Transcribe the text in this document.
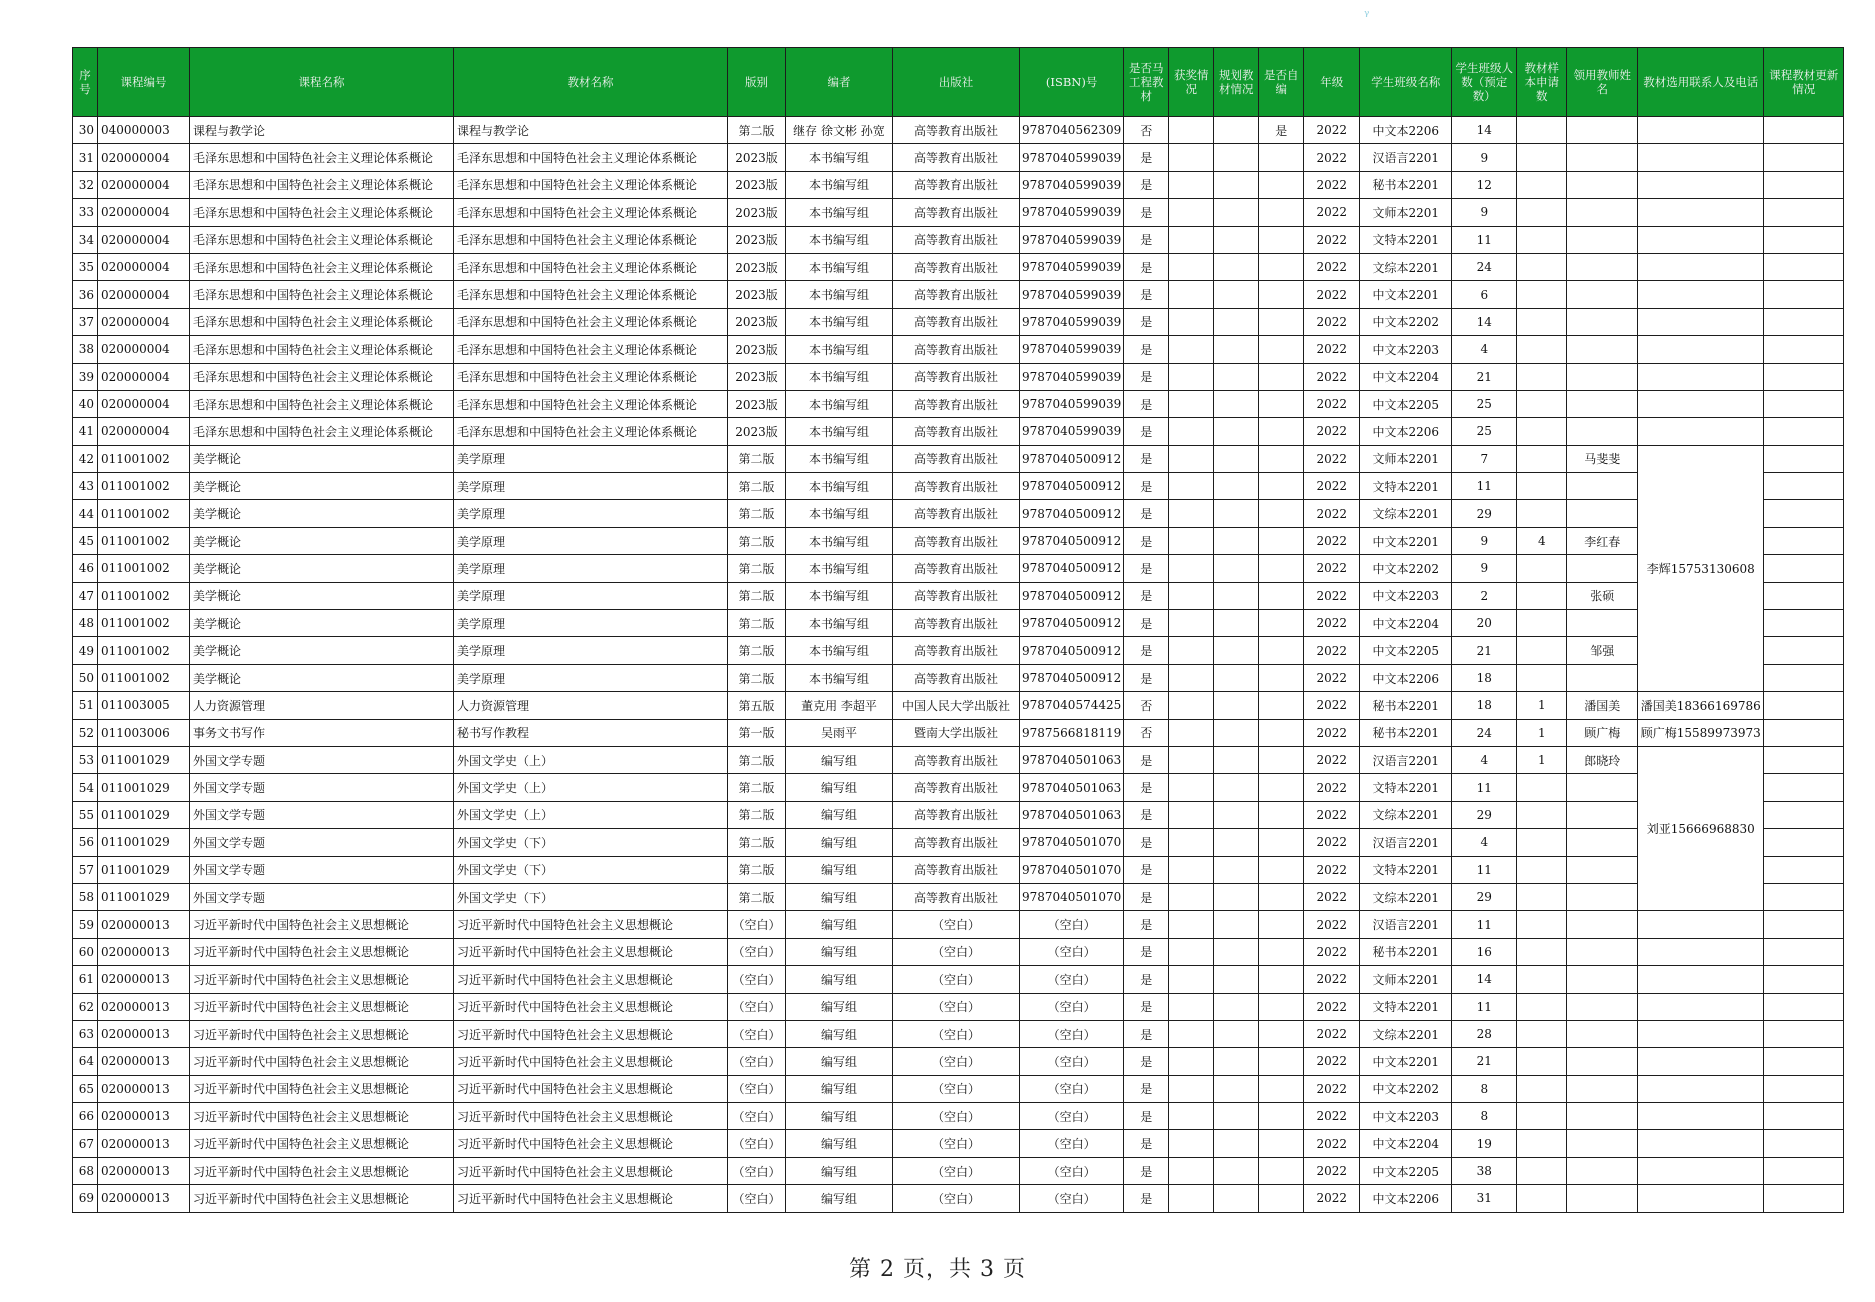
ᵞ
序号	课程编号	课程名称	教材名称	版别	编者	出版社	(ISBN)号	是否马工程教材	获奖情况	规划教材情况	是否自编	年级	学生班级名称	学生班级人数（预定数）	教材样本申请数	领用教师姓名	教材选用联系人及电话	课程教材更新情况
30	040000003	课程与教学论	课程与教学论	第二版	继存 徐文彬 孙宽	高等教育出版社	9787040562309	否			是	2022	中文本2206	14				
31	020000004	毛泽东思想和中国特色社会主义理论体系概论	毛泽东思想和中国特色社会主义理论体系概论	2023版	本书编写组	高等教育出版社	9787040599039	是				2022	汉语言2201	9				
32	020000004	毛泽东思想和中国特色社会主义理论体系概论	毛泽东思想和中国特色社会主义理论体系概论	2023版	本书编写组	高等教育出版社	9787040599039	是				2022	秘书本2201	12				
33	020000004	毛泽东思想和中国特色社会主义理论体系概论	毛泽东思想和中国特色社会主义理论体系概论	2023版	本书编写组	高等教育出版社	9787040599039	是				2022	文师本2201	9				
34	020000004	毛泽东思想和中国特色社会主义理论体系概论	毛泽东思想和中国特色社会主义理论体系概论	2023版	本书编写组	高等教育出版社	9787040599039	是				2022	文特本2201	11				
35	020000004	毛泽东思想和中国特色社会主义理论体系概论	毛泽东思想和中国特色社会主义理论体系概论	2023版	本书编写组	高等教育出版社	9787040599039	是				2022	文综本2201	24				
36	020000004	毛泽东思想和中国特色社会主义理论体系概论	毛泽东思想和中国特色社会主义理论体系概论	2023版	本书编写组	高等教育出版社	9787040599039	是				2022	中文本2201	6				
37	020000004	毛泽东思想和中国特色社会主义理论体系概论	毛泽东思想和中国特色社会主义理论体系概论	2023版	本书编写组	高等教育出版社	9787040599039	是				2022	中文本2202	14				
38	020000004	毛泽东思想和中国特色社会主义理论体系概论	毛泽东思想和中国特色社会主义理论体系概论	2023版	本书编写组	高等教育出版社	9787040599039	是				2022	中文本2203	4				
39	020000004	毛泽东思想和中国特色社会主义理论体系概论	毛泽东思想和中国特色社会主义理论体系概论	2023版	本书编写组	高等教育出版社	9787040599039	是				2022	中文本2204	21				
40	020000004	毛泽东思想和中国特色社会主义理论体系概论	毛泽东思想和中国特色社会主义理论体系概论	2023版	本书编写组	高等教育出版社	9787040599039	是				2022	中文本2205	25				
41	020000004	毛泽东思想和中国特色社会主义理论体系概论	毛泽东思想和中国特色社会主义理论体系概论	2023版	本书编写组	高等教育出版社	9787040599039	是				2022	中文本2206	25				
42	011001002	美学概论	美学原理	第二版	本书编写组	高等教育出版社	9787040500912	是				2022	文师本2201	7		马斐斐	李辉15753130608	
43	011001002	美学概论	美学原理	第二版	本书编写组	高等教育出版社	9787040500912	是				2022	文特本2201	11				
44	011001002	美学概论	美学原理	第二版	本书编写组	高等教育出版社	9787040500912	是				2022	文综本2201	29				
45	011001002	美学概论	美学原理	第二版	本书编写组	高等教育出版社	9787040500912	是				2022	中文本2201	9	4	李红春		
46	011001002	美学概论	美学原理	第二版	本书编写组	高等教育出版社	9787040500912	是				2022	中文本2202	9				
47	011001002	美学概论	美学原理	第二版	本书编写组	高等教育出版社	9787040500912	是				2022	中文本2203	2		张硕		
48	011001002	美学概论	美学原理	第二版	本书编写组	高等教育出版社	9787040500912	是				2022	中文本2204	20				
49	011001002	美学概论	美学原理	第二版	本书编写组	高等教育出版社	9787040500912	是				2022	中文本2205	21		邹强		
50	011001002	美学概论	美学原理	第二版	本书编写组	高等教育出版社	9787040500912	是				2022	中文本2206	18				
51	011003005	人力资源管理	人力资源管理	第五版	董克用 李超平	中国人民大学出版社	9787040574425	否				2022	秘书本2201	18	1	潘国美	潘国美18366169786	
52	011003006	事务文书写作	秘书写作教程	第一版	吴雨平	暨南大学出版社	9787566818119	否				2022	秘书本2201	24	1	顾广梅	顾广梅15589973973	
53	011001029	外国文学专题	外国文学史（上）	第二版	编写组	高等教育出版社	9787040501063	是				2022	汉语言2201	4	1	郎晓玲	刘亚15666968830	
54	011001029	外国文学专题	外国文学史（上）	第二版	编写组	高等教育出版社	9787040501063	是				2022	文特本2201	11				
55	011001029	外国文学专题	外国文学史（上）	第二版	编写组	高等教育出版社	9787040501063	是				2022	文综本2201	29				
56	011001029	外国文学专题	外国文学史（下）	第二版	编写组	高等教育出版社	9787040501070	是				2022	汉语言2201	4				
57	011001029	外国文学专题	外国文学史（下）	第二版	编写组	高等教育出版社	9787040501070	是				2022	文特本2201	11				
58	011001029	外国文学专题	外国文学史（下）	第二版	编写组	高等教育出版社	9787040501070	是				2022	文综本2201	29				
59	020000013	习近平新时代中国特色社会主义思想概论	习近平新时代中国特色社会主义思想概论	（空白）	编写组	（空白）	（空白）	是				2022	汉语言2201	11				
60	020000013	习近平新时代中国特色社会主义思想概论	习近平新时代中国特色社会主义思想概论	（空白）	编写组	（空白）	（空白）	是				2022	秘书本2201	16				
61	020000013	习近平新时代中国特色社会主义思想概论	习近平新时代中国特色社会主义思想概论	（空白）	编写组	（空白）	（空白）	是				2022	文师本2201	14				
62	020000013	习近平新时代中国特色社会主义思想概论	习近平新时代中国特色社会主义思想概论	（空白）	编写组	（空白）	（空白）	是				2022	文特本2201	11				
63	020000013	习近平新时代中国特色社会主义思想概论	习近平新时代中国特色社会主义思想概论	（空白）	编写组	（空白）	（空白）	是				2022	文综本2201	28				
64	020000013	习近平新时代中国特色社会主义思想概论	习近平新时代中国特色社会主义思想概论	（空白）	编写组	（空白）	（空白）	是				2022	中文本2201	21				
65	020000013	习近平新时代中国特色社会主义思想概论	习近平新时代中国特色社会主义思想概论	（空白）	编写组	（空白）	（空白）	是				2022	中文本2202	8				
66	020000013	习近平新时代中国特色社会主义思想概论	习近平新时代中国特色社会主义思想概论	（空白）	编写组	（空白）	（空白）	是				2022	中文本2203	8				
67	020000013	习近平新时代中国特色社会主义思想概论	习近平新时代中国特色社会主义思想概论	（空白）	编写组	（空白）	（空白）	是				2022	中文本2204	19				
68	020000013	习近平新时代中国特色社会主义思想概论	习近平新时代中国特色社会主义思想概论	（空白）	编写组	（空白）	（空白）	是				2022	中文本2205	38				
69	020000013	习近平新时代中国特色社会主义思想概论	习近平新时代中国特色社会主义思想概论	（空白）	编写组	（空白）	（空白）	是				2022	中文本2206	31				
第 2 页，共 3 页
